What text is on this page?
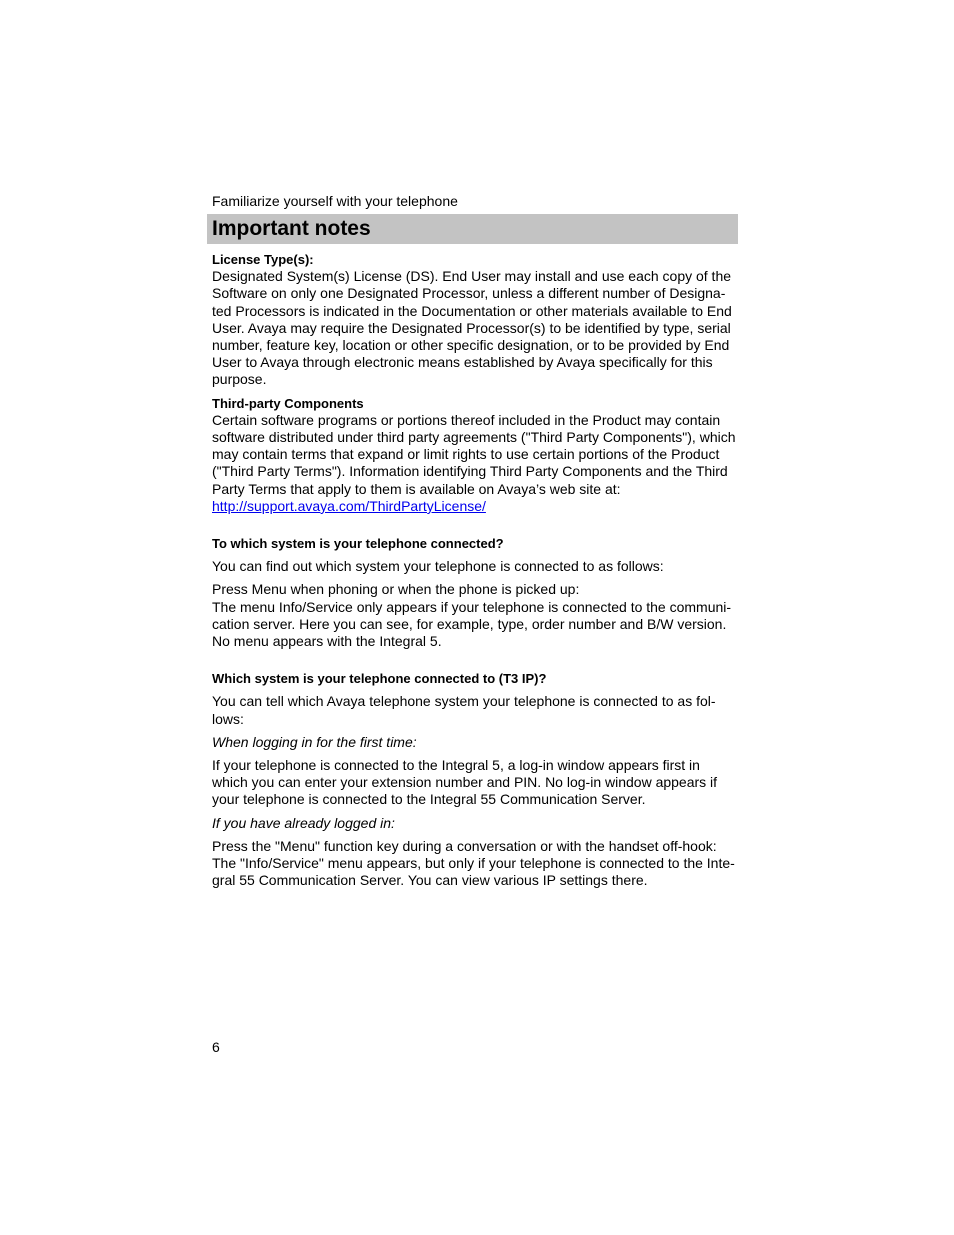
Familiarize yourself with your telephone
Important notes

License Type(s):

Designated System(s) License (DS). End User may install and use each copy of the

Software on only one Designated Processor, unless a different number of Designa-

ted Processors is indicated in the Documentation or other materials available to End

User. Avaya may require the Designated Processor(s) to be identified by type, serial

number, feature key, location or other specific designation, or to be provided by End

User to Avaya through electronic means established by Avaya specifically for this

purpose.

Third-party Components

Certain software programs or portions thereof included in the Product may contain

software distributed under third party agreements ("Third Party Components"), which

may contain terms that expand or limit rights to use certain portions of the Product

("Third Party Terms"). Information identifying Third Party Components and the Third

Party Terms that apply to them is available on Avaya’s web site at:

http://support.avaya.com/ThirdPartyLicense/

To which system is your telephone connected?

You can find out which system your telephone is connected to as follows:

Press Menu when phoning or when the phone is picked up:

The menu Info/Service only appears if your telephone is connected to the communi-

cation server. Here you can see, for example, type, order number and B/W version.

No menu appears with the Integral 5.

Which system is your telephone connected to (T3 IP)?

You can tell which Avaya telephone system your telephone is connected to as fol-

lows:

When logging in for the first time:

If your telephone is connected to the Integral 5, a log-in window appears first in

which you can enter your extension number and PIN. No log-in window appears if

your telephone is connected to the Integral 55 Communication Server.

If you have already logged in:

Press the "Menu" function key during a conversation or with the handset off-hook:

The "Info/Service" menu appears, but only if your telephone is connected to the Inte-

gral 55 Communication Server. You can view various IP settings there.

6
